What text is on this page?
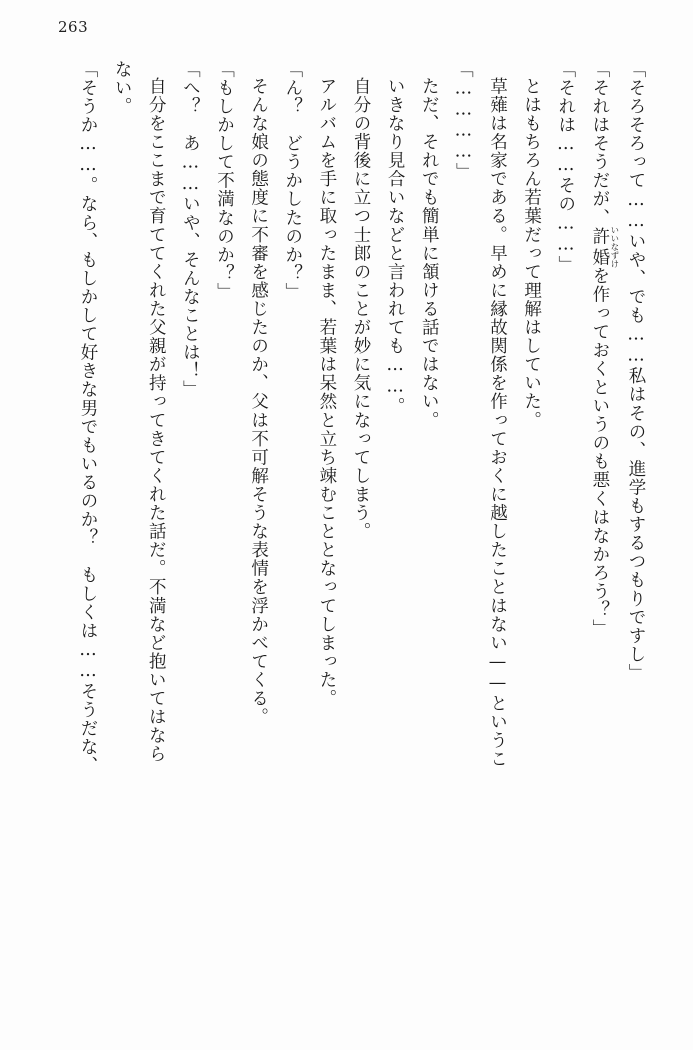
263
「そろそろって……いや、でも……私はその、進学もするつもりですし」
「それはそうだが、許婚 いいなずけを作っておくというのも悪くはなかろう？」
「それは……その……」
とはもちろん若葉だって理解はしていた。
草薙は名家である。早めに縁故関係を作っておくに越したことはない——というこ
「…………」
ただ、それでも簡単に頷ける話ではない。
いきなり見合いなどと言われても……。
自分の背後に立つ士郎のことが妙に気になってしまう。
アルバムを手に取ったまま、若葉は呆然と立ち竦むこととなってしまった。
「ん？　どうかしたのか？」
そんな娘の態度に不審を感じたのか、父は不可解そうな表情を浮かべてくる。
「もしかして不満なのか？」
「へ？　あ……いや、そんなことは！」
自分をここまで育ててくれた父親が持ってきてくれた話だ。不満など抱いてはなら
ない。
「そうか……。なら、もしかして好きな男でもいるのか？　もしくは……そうだな、
